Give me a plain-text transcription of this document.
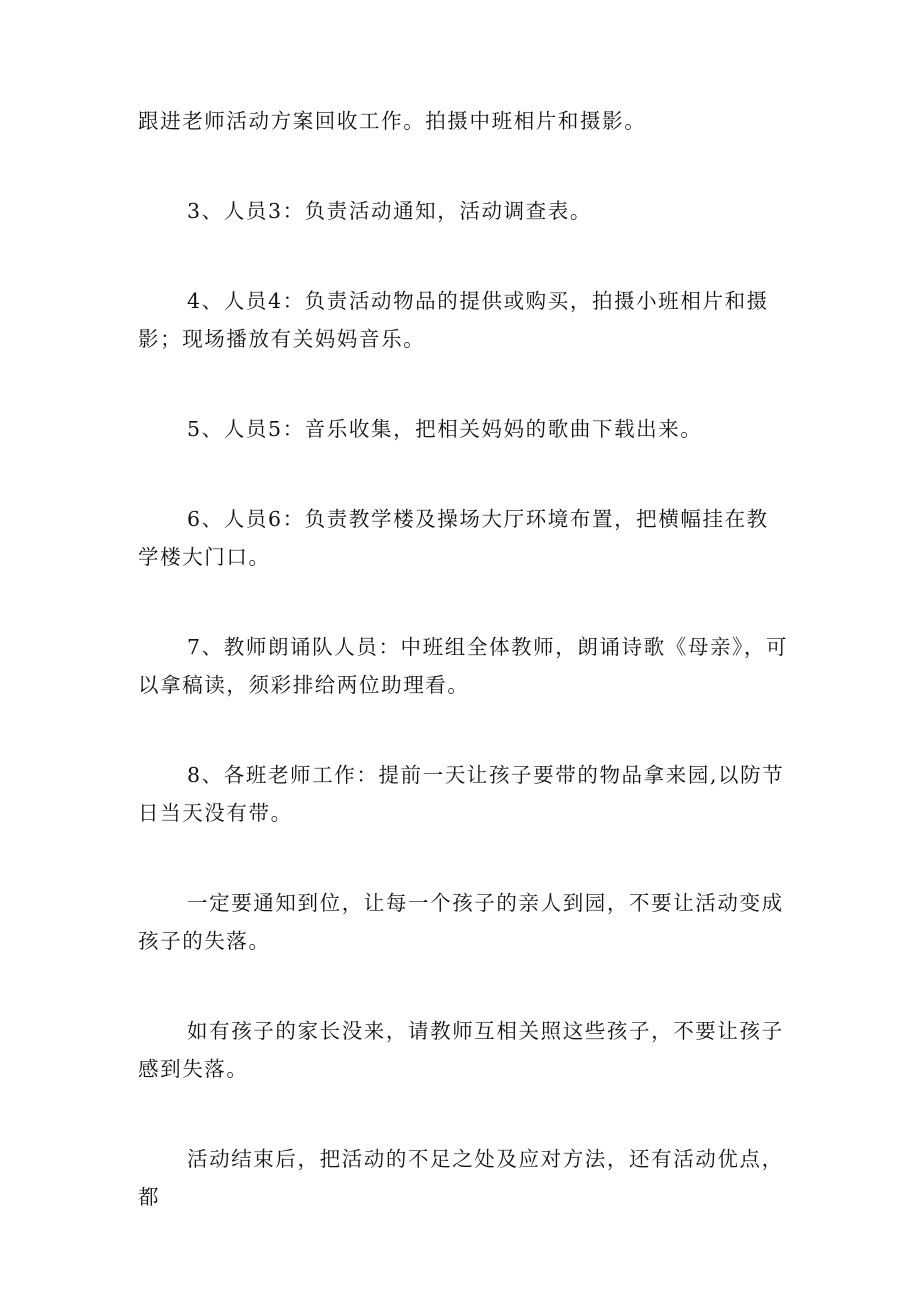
跟进老师活动方案回收工作。拍摄中班相片和摄影。

3、人员3：负责活动通知，活动调查表。

4、人员4：负责活动物品的提供或购买，拍摄小班相片和摄影；现场播放有关妈妈音乐。

5、人员5：音乐收集，把相关妈妈的歌曲下载出来。

6、人员6：负责教学楼及操场大厅环境布置，把横幅挂在教学楼大门口。

7、教师朗诵队人员：中班组全体教师，朗诵诗歌《母亲》，可以拿稿读，须彩排给两位助理看。

8、各班老师工作：提前一天让孩子要带的物品拿来园,以防节日当天没有带。

一定要通知到位，让每一个孩子的亲人到园，不要让活动变成孩子的失落。

如有孩子的家长没来，请教师互相关照这些孩子，不要让孩子感到失落。

活动结束后，把活动的不足之处及应对方法，还有活动优点，都
